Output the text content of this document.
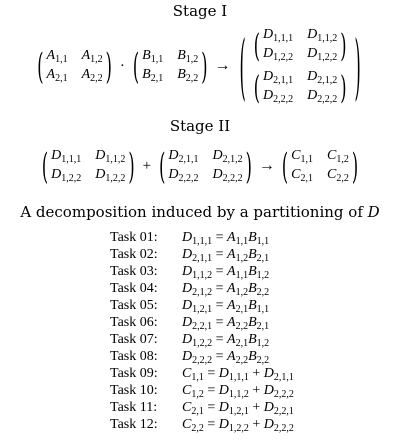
Stage I
( $A_{1,1}$ $A_{1,2}$
$A_{2,1}$ $A_{2,2}$ ) · ( $B_{1,1}$ $B_{1,2}$
$B_{2,1}$ $B_{2,2}$ ) → ( ( $D_{1,1,1}$ $D_{1,1,2}$
$D_{1,2,2}$ $D_{1,2,2}$ )
( $D_{2,1,1}$ $D_{2,1,2}$
$D_{2,2,2}$ $D_{2,2,2}$ ) )
Stage II
( $D_{1,1,1}$ $D_{1,1,2}$
$D_{1,2,2}$ $D_{1,2,2}$ ) + ( $D_{2,1,1}$ $D_{2,1,2}$
$D_{2,2,2}$ $D_{2,2,2}$ ) → ( $C_{1,1}$ $C_{1,2}$
$C_{2,1}$ $C_{2,2}$ )
A decomposition induced by a partitioning of D
Task 01:	$D_{1,1,1} = A_{1,1}B_{1,1}$
Task 02:	$D_{2,1,1} = A_{1,2}B_{2,1}$
Task 03:	$D_{1,1,2} = A_{1,1}B_{1,2}$
Task 04:	$D_{2,1,2} = A_{1,2}B_{2,2}$
Task 05:	$D_{1,2,1} = A_{2,1}B_{1,1}$
Task 06:	$D_{2,2,1} = A_{2,2}B_{2,1}$
Task 07:	$D_{1,2,2} = A_{2,1}B_{1,2}$
Task 08:	$D_{2,2,2} = A_{2,2}B_{2,2}$
Task 09:	$C_{1,1} = D_{1,1,1} + D_{2,1,1}$
Task 10:	$C_{1,2} = D_{1,1,2} + D_{2,2,2}$
Task 11:	$C_{2,1} = D_{1,2,1} + D_{2,2,1}$
Task 12:	$C_{2,2} = D_{1,2,2} + D_{2,2,2}$
